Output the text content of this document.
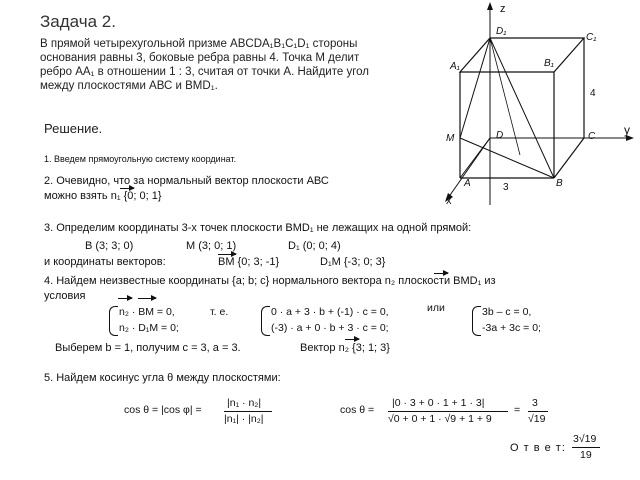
Задача 2.
В прямой четырехугольной призме ABCDA₁B₁C₁D₁ стороны
основания равны 3, боковые ребра равны 4. Точка М делит
ребро АА₁ в отношении 1 : 3, считая от точки А. Найдите угол
между плоскостями АВС и BMD₁.
Решение.
z
y
x
D₁
C₁
A₁	B₁
M	D	C
A	B
4
3
1. Введем прямоугольную систему координат.
2. Очевидно, что за нормальный вектор плоскости АВС
можно взять n₁ {0; 0; 1}
3. Определим координаты 3-х точек плоскости BMD₁ не лежащих на одной прямой:
B (3; 3; 0)	M (3; 0; 1)	D₁ (0; 0; 4)
и координаты векторов:	BM {0; 3; -1}	D₁M {-3; 0; 3}
4. Найдем неизвестные координаты {a; b; c} нормального вектора n₂ плоскости BMD₁ из
условия
n₂ · BM = 0,
n₂ · D₁M = 0;
т. е.	0 · a + 3 · b + (-1) · c = 0,
(-3) · a + 0 · b + 3 · c = 0;
или	3b – c = 0,
-3a + 3c = 0;
Выберем b = 1, получим c = 3, a = 3.	Вектор n₂ {3; 1; 3}
5. Найдем косинус угла θ между плоскостями:
cos θ = |cos φ| =
|n₁ · n₂|
|n₁| · |n₂|
cos θ =
|0 · 3 + 0 · 1 + 1 · 3|
√0 + 0 + 1 · √9 + 1 + 9
=
3
√19
О т в е т:
3√19
19
